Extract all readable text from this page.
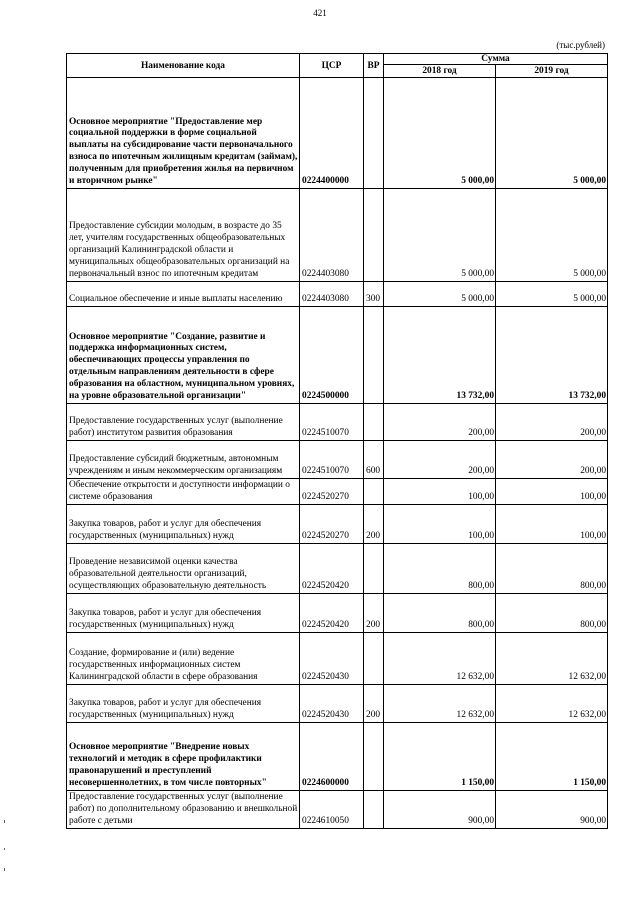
421
(тыс.рублей)
Наименование кода	ЦСР	ВР	Сумма	
			2018 год	2019 год
Основное мероприятие "Предоставление мер социальной поддержки в форме социальной выплаты на субсидирование части первоначального взноса по ипотечным жилищным кредитам (займам), полученным для приобретения жилья на первичном и вторичном рынке"	0224400000		5 000,00	5 000,00
Предоставление субсидии молодым, в возрасте до 35 лет, учителям государственных общеобразовательных организаций Калининградской области и муниципальных общеобразовательных организаций на первоначальный взнос по ипотечным кредитам	0224403080		5 000,00	5 000,00
Социальное обеспечение и иные выплаты населению	0224403080	300	5 000,00	5 000,00
Основное мероприятие "Создание, развитие и поддержка информационных систем, обеспечивающих процессы управления по отдельным направлениям деятельности в сфере образования на областном, муниципальном уровнях, на уровне образовательной организации"	0224500000		13 732,00	13 732,00
Предоставление государственных услуг (выполнение работ) институтом развития образования	0224510070		200,00	200,00
Предоставление субсидий бюджетным, автономным учреждениям и иным некоммерческим организациям	0224510070	600	200,00	200,00
Обеспечение открытости и доступности информации о системе образования	0224520270		100,00	100,00
Закупка товаров, работ и услуг для обеспечения государственных (муниципальных) нужд	0224520270	200	100,00	100,00
Проведение независимой оценки качества образовательной деятельности организаций, осуществляющих образовательную деятельность	0224520420		800,00	800,00
Закупка товаров, работ и услуг для обеспечения государственных (муниципальных) нужд	0224520420	200	800,00	800,00
Создание, формирование и (или) ведение государственных информационных систем Калининградской области в сфере образования	0224520430		12 632,00	12 632,00
Закупка товаров, работ и услуг для обеспечения государственных (муниципальных) нужд	0224520430	200	12 632,00	12 632,00
Основное мероприятие "Внедрение новых технологий и методик в сфере профилактики правонарушений и преступлений несовершеннолетних, в том числе повторных"	0224600000		1 150,00	1 150,00
Предоставление государственных услуг (выполнение работ) по дополнительному образованию и внешкольной работе с детьми	0224610050		900,00	900,00
